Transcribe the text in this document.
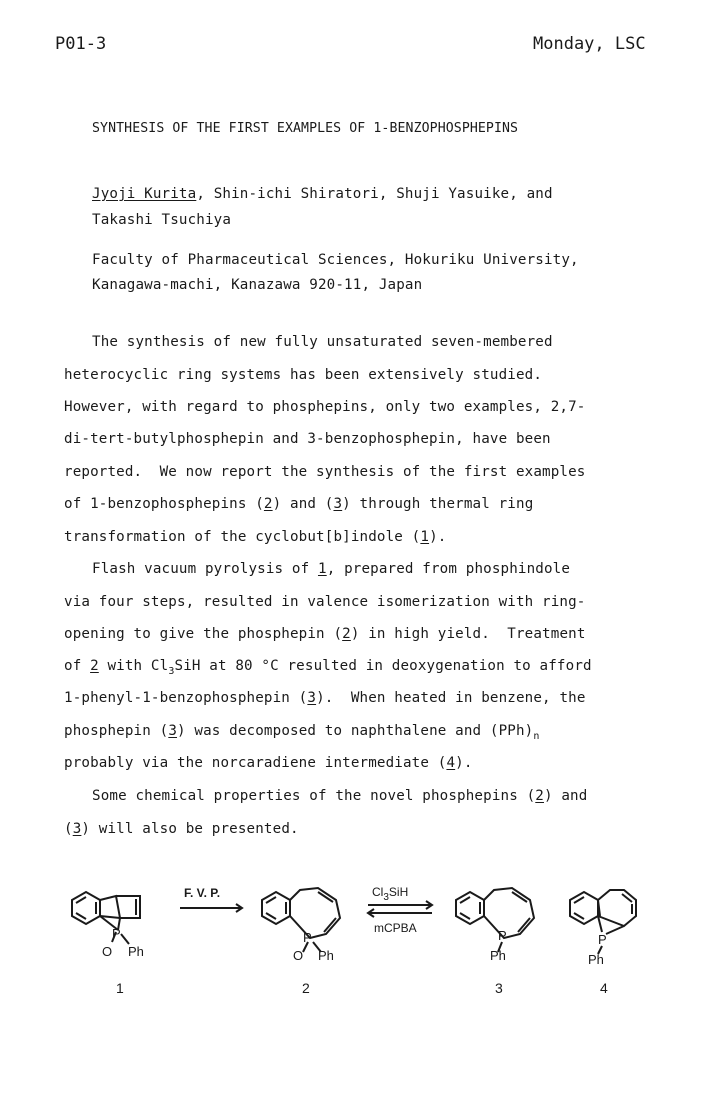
P01-3	Monday, LSC
SYNTHESIS OF THE FIRST EXAMPLES OF 1-BENZOPHOSPHEPINS
Jyoji Kurita, Shin-ichi Shiratori, Shuji Yasuike, and
Takashi Tsuchiya
Faculty of Pharmaceutical Sciences, Hokuriku University,
Kanagawa-machi, Kanazawa 920-11, Japan
The synthesis of new fully unsaturated seven-membered
heterocyclic ring systems has been extensively studied.
However, with regard to phosphepins, only two examples, 2,7-
di-tert-butylphosphepin and 3-benzophosphepin, have been
reported.  We now report the synthesis of the first examples
of 1-benzophosphepins (2) and (3) through thermal ring
transformation of the cyclobut[b]indole (1).
Flash vacuum pyrolysis of 1, prepared from phosphindole
via four steps, resulted in valence isomerization with ring-
opening to give the phosphepin (2) in high yield.  Treatment
of 2 with $Cl_3SiH$ at 80 °C resulted in deoxygenation to afford
1-phenyl-1-benzophosphepin (3).  When heated in benzene, the
phosphepin (3) was decomposed to naphthalene and $(PPh)_n$
probably via the norcaradiene intermediate (4).
Some chemical properties of the novel phosphepins (2) and
(3) will also be presented.
P
O Ph
P
O Ph
P
Ph
P
Ph
F. V. P.	$Cl_3SiH$
mCPBA
1	2	3	4
